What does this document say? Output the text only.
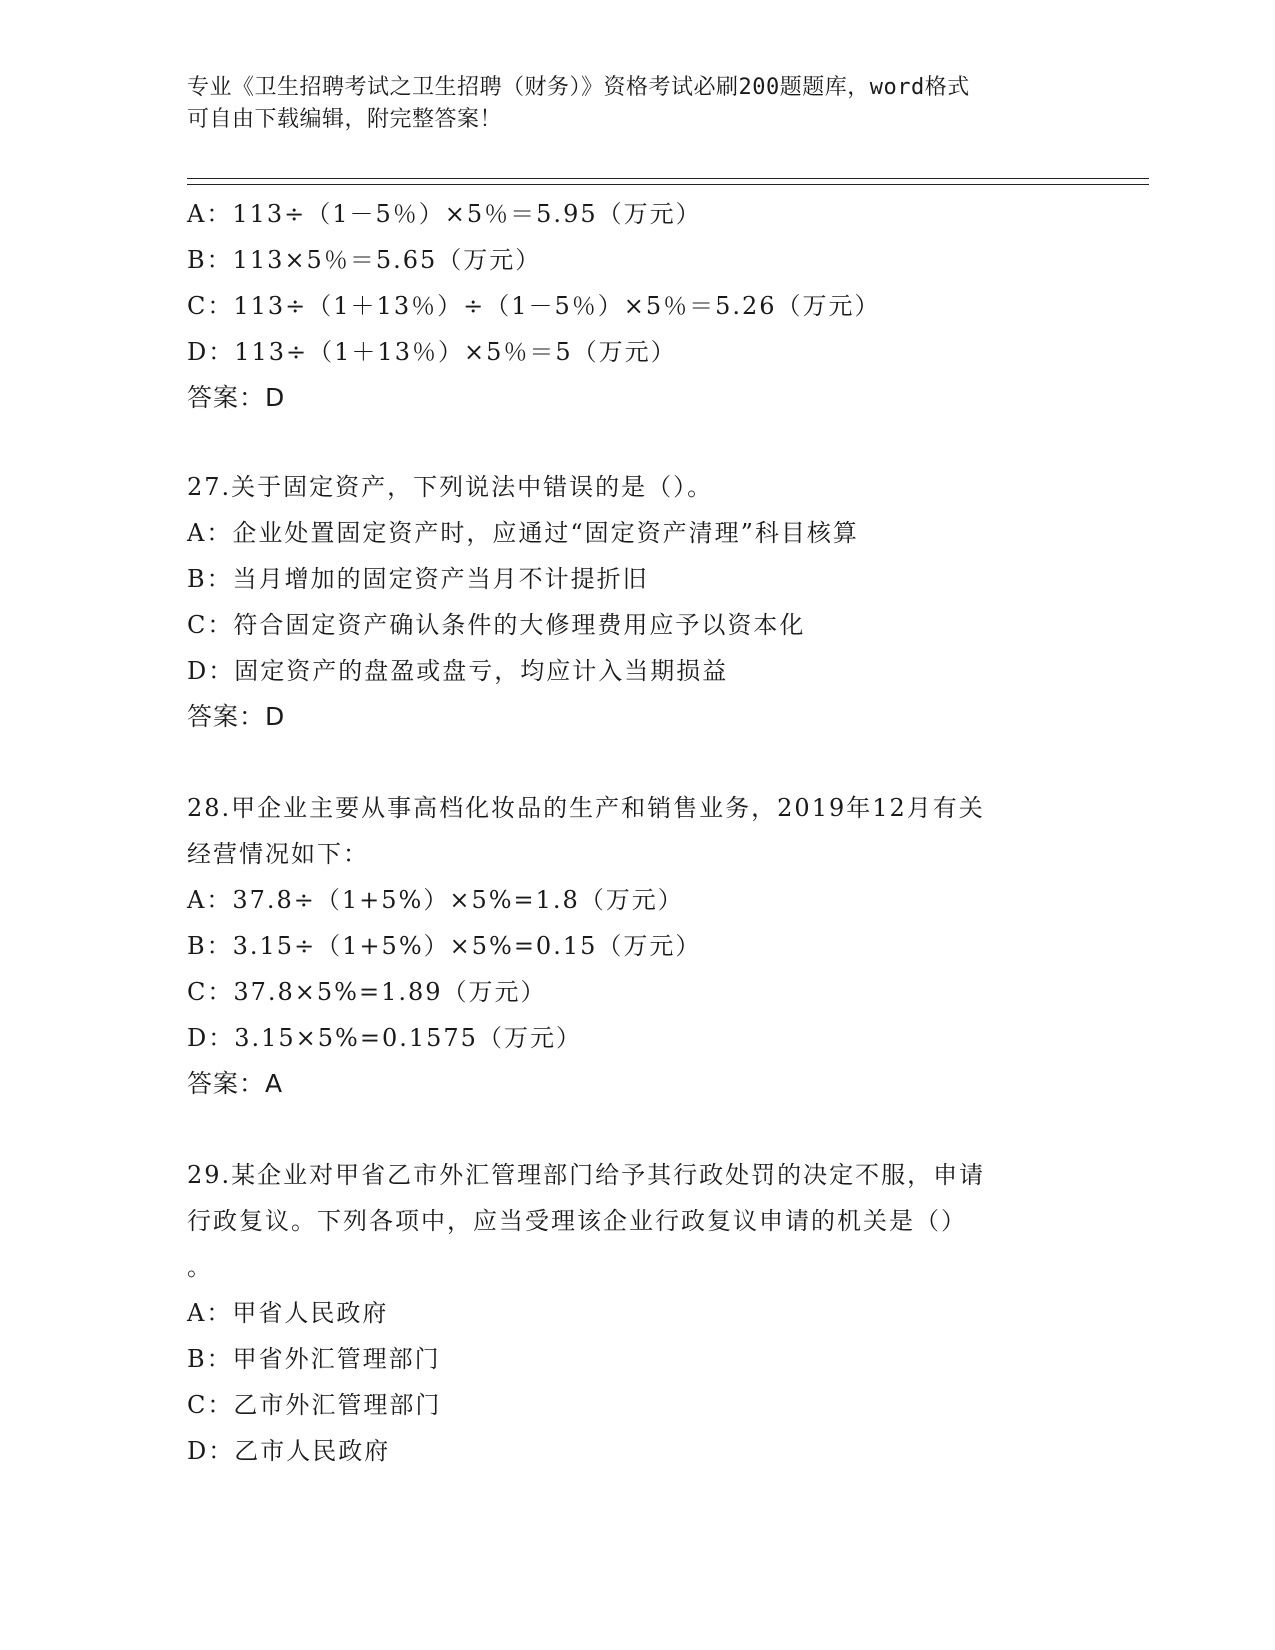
专业《卫生招聘考试之卫生招聘（财务）》资格考试必刷200题题库，word格式
可自由下载编辑，附完整答案！
A：113÷（1－5％）×5％＝5.95（万元）
B：113×5％＝5.65（万元）
C：113÷（1＋13％）÷（1－5％）×5％＝5.26（万元）
D：113÷（1＋13％）×5％＝5（万元）
答案：D
27.关于固定资产，下列说法中错误的是（）。
A：企业处置固定资产时，应通过“固定资产清理”科目核算
B：当月增加的固定资产当月不计提折旧
C：符合固定资产确认条件的大修理费用应予以资本化
D：固定资产的盘盈或盘亏，均应计入当期损益
答案：D
28.甲企业主要从事高档化妆品的生产和销售业务，2019年12月有关
经营情况如下：
A：37.8÷（1+5%）×5%=1.8（万元）
B：3.15÷（1+5%）×5%=0.15（万元）
C：37.8×5%=1.89（万元）
D：3.15×5%=0.1575（万元）
答案：A
29.某企业对甲省乙市外汇管理部门给予其行政处罚的决定不服，申请
行政复议。下列各项中，应当受理该企业行政复议申请的机关是（）
。
A：甲省人民政府
B：甲省外汇管理部门
C：乙市外汇管理部门
D：乙市人民政府
